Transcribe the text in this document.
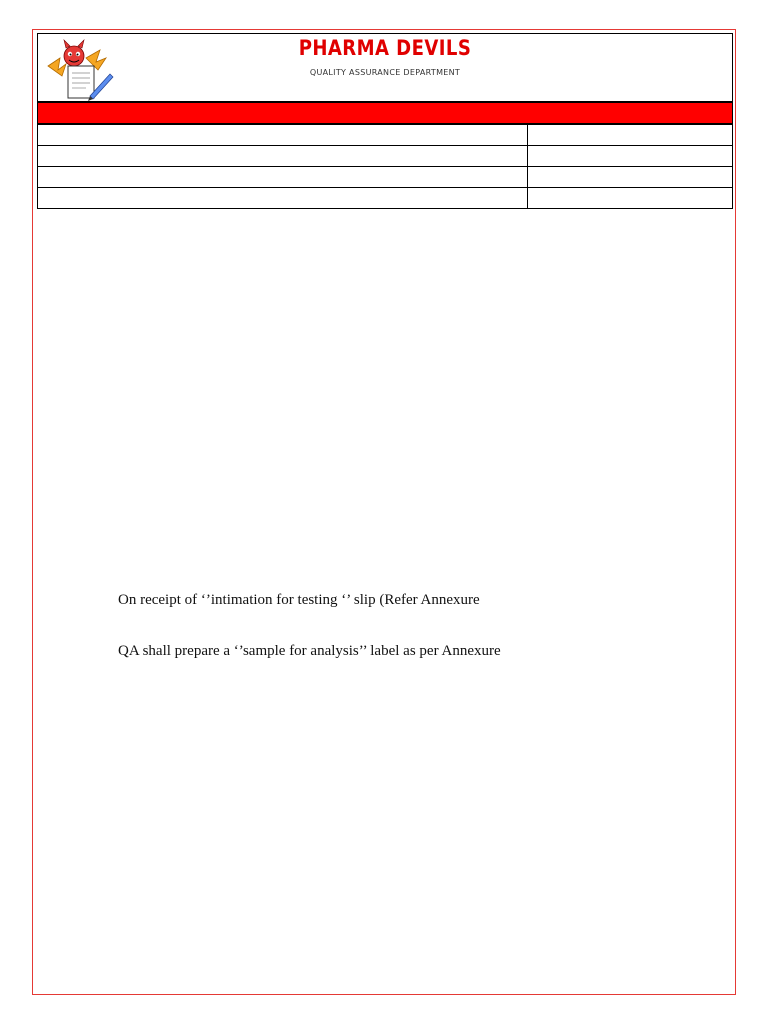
PHARMA DEVILS
QUALITY ASSURANCE DEPARTMENT

On receipt of ‘’intimation for testing ‘’ slip (Refer Annexure
QA shall prepare a ‘’sample for analysis’’ label as per Annexure
